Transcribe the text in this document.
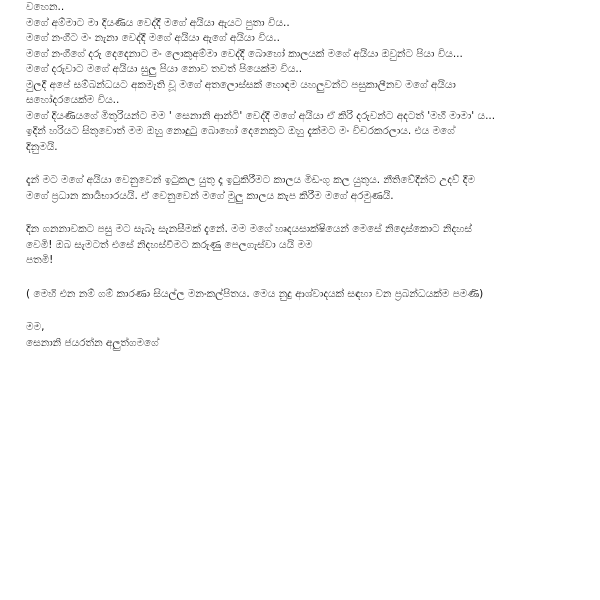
වහෙන..
මගේ අම්මාට මා දියණිය වෙද්දී මගේ අයියා ඇයට පුතා විය..
මගේ නංගීට මං නැනා වෙද්දී මගේ අයියා ඇගේ අයියා විය..
මගේ නංගීගේ දරු දෙදෙනාට මං ලොකුඅම්මා වෙද්දී බොහෝ කාලයක් මගේ අයියා ඔවුන්ට පියා විය...
මගේ දරුවාට මගේ අයියා සුලු පියා නොව තවත් පියෙක්ම විය..
මුලදී අපේ සම්බන්ධයට අකමැති වූ මගේ අතලොස්සක් හොඳම යහලුවන්ට පසුකාලීනව මගේ අයියා
සහෝදරයෙක්ම විය..
මගේ දියණියගේ මිතුරියන්ට මම ' සෙනානි ආන්ටි' වෙද්දී මගේ අයියා ඒ කිරි දරුවන්ට අදටත් 'මහී මාමා' ය...
ඉදින් හරියට සිතුවොත් මම ඔහු නොදුටු බොහෝ දෙනෙකුට ඔහු දැක්මට මං විචරකරලාය. එය මගේ
දිනුමයි.
දැන් මට මගේ අයියා වෙනුවෙන් ඉටුකල යුතු දෑ ඉටුකිරීමට කාලය මිඩංගු කල යුතුය. නීතිවේදීන්ට උදව් දීම
මගේ ප්‍රධාන කාර්‍යභාරයයි. ඒ වෙනුවෙන් මගේ මුලු කාලය කැප කිරීම මගේ අරමුණයි.
දින ගනනාවකට පසු මට සැබෑ සැනසීමක් දැනේ. මම මගේ හෘදයසාක්ෂියෙන් මෙසේ නිදොස්කොට නිදහස්
වෙමි! ඔබ සැමටත් එසේ නිදහස්වීමට කරුණු පෙලගැස්වා යයි මම
පතමි!
( මෙහි එන නම් ගම් කාරණා සියල්ල මනංකල්පිතය. මෙය නුදු ආශ්වාදයක් සඳහා වන ප්‍රබන්ධයක්ම පමණි)
මම,
සෙනානි ජයරත්න අලුත්ගමගේ
